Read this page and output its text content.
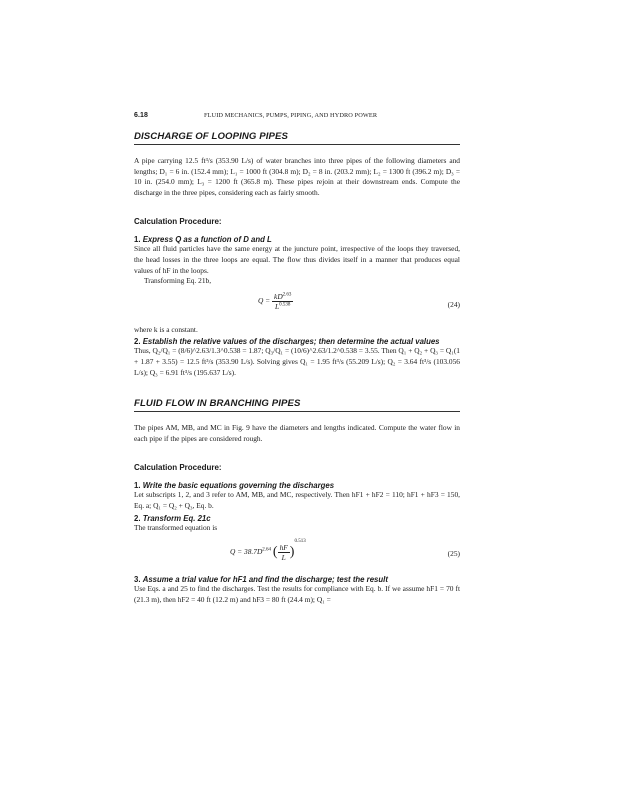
6.18	FLUID MECHANICS, PUMPS, PIPING, AND HYDRO POWER
DISCHARGE OF LOOPING PIPES

A pipe carrying 12.5 ft³/s (353.90 L/s) of water branches into three pipes of the following diameters and lengths; D₁ = 6 in. (152.4 mm); L₁ = 1000 ft (304.8 m); D₂ = 8 in. (203.2 mm); L₂ = 1300 ft (396.2 m); D₃ = 10 in. (254.0 mm); L₃ = 1200 ft (365.8 m). These pipes rejoin at their downstream ends. Compute the discharge in the three pipes, considering each as fairly smooth.

Calculation Procedure:
1. Express Q as a function of D and L

Since all fluid particles have the same energy at the juncture point, irrespective of the loops they traversed, the head losses in the three loops are equal. The flow thus divides itself in a manner that produces equal values of hF in the loops.

Transforming Eq. 21b,

$Q = \frac{kD^{2.63}}{L^{0.538}}$	(24)

where k is a constant.

2. Establish the relative values of the discharges; then determine the actual values

Thus, Q₂/Q₁ = (8/6)^2.63/1.3^0.538 = 1.87; Q₃/Q₁ = (10/6)^2.63/1.2^0.538 = 3.55. Then Q₁ + Q₂ + Q₃ = Q₁(1 + 1.87 + 3.55) = 12.5 ft³/s (353.90 L/s). Solving gives Q₁ = 1.95 ft³/s (55.209 L/s); Q₂ = 3.64 ft³/s (103.056 L/s); Q₃ = 6.91 ft³/s (195.637 L/s).

FLUID FLOW IN BRANCHING PIPES

The pipes AM, MB, and MC in Fig. 9 have the diameters and lengths indicated. Compute the water flow in each pipe if the pipes are considered rough.

Calculation Procedure:
1. Write the basic equations governing the discharges

Let subscripts 1, 2, and 3 refer to AM, MB, and MC, respectively. Then hF1 + hF2 = 110; hF1 + hF3 = 150, Eq. a; Q₁ = Q₂ + Q₃, Eq. b.

2. Transform Eq. 21c

The transformed equation is

$Q = 38.7D^{2.64}$ ( $\frac{hF}{L} )^{0.513}$
(25)
3. Assume a trial value for hF1 and find the discharge; test the result

Use Eqs. a and 25 to find the discharges. Test the results for compliance with Eq. b. If we assume hF1 = 70 ft (21.3 m), then hF2 = 40 ft (12.2 m) and hF3 = 80 ft (24.4 m); Q₁ =
